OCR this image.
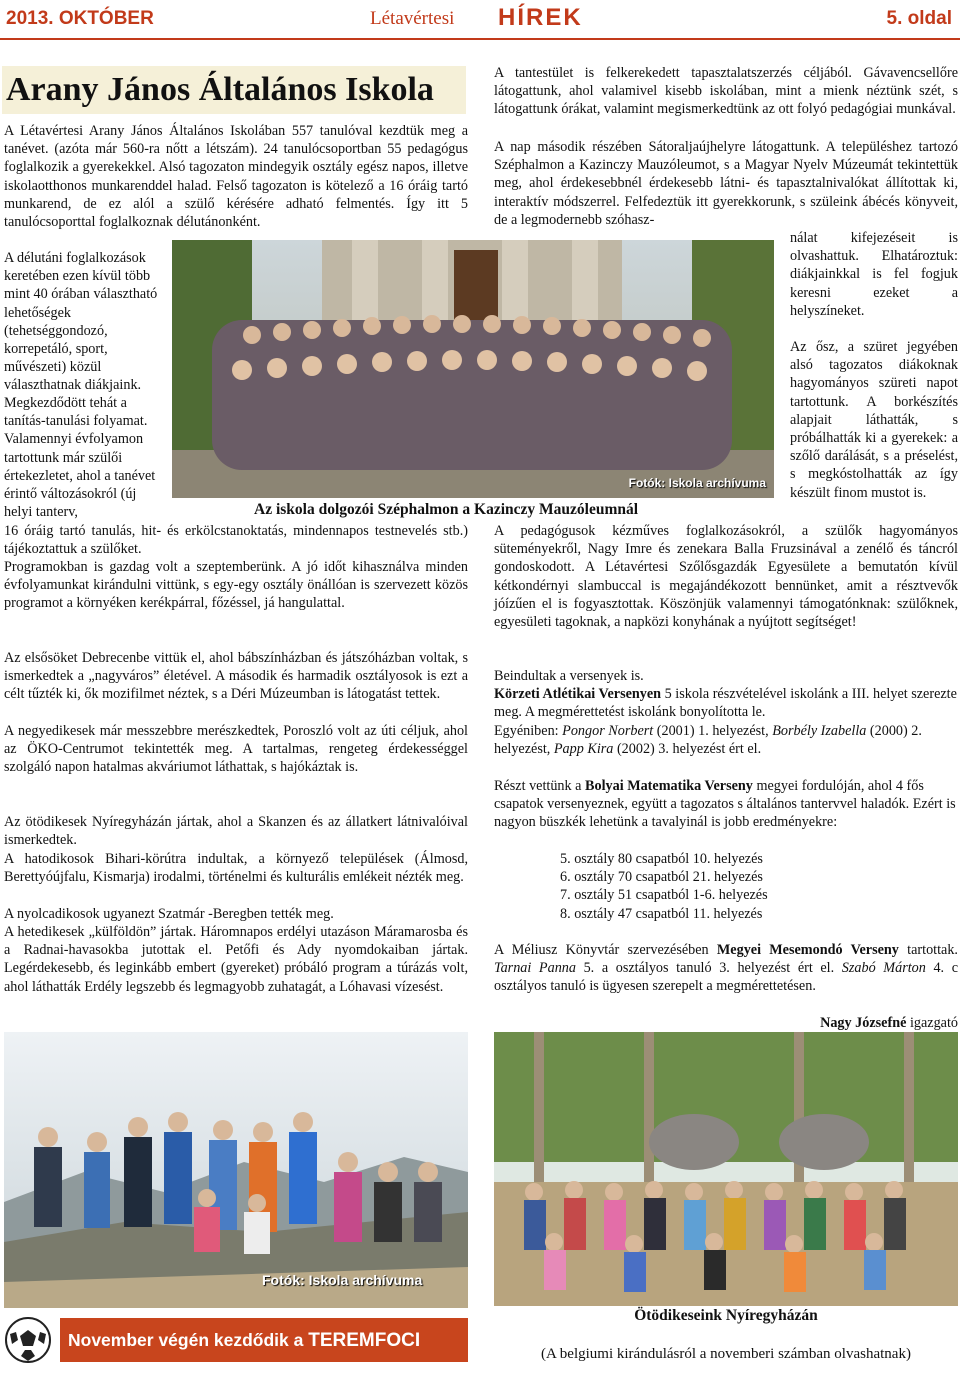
2013. OKTÓBER	Létavértesi HÍREK	5. oldal
Arany János Általános Iskola
A Létavértesi Arany János Általános Iskolában 557 tanulóval kezdtük meg a tanévet. (azóta már 560-ra nőtt a létszám). 24 tanulócsoportban 55 pedagógus foglalkozik a gyerekekkel. Alsó tagozaton mindegyik osztály egész napos, illetve iskolaotthonos munkarenddel halad. Felső tagozaton is kötelező a 16 óráig tartó munkarend, de ez alól a szülő kérésére adható felmentés. Így itt 5 tanulócsoporttal foglalkoznak délutánonként.
A délutáni foglalkozások keretében ezen kívül több mint 40 órában választható lehetőségek (tehetséggondozó, korrepetáló, sport, művészeti) közül választhatnak diákjaink.
Megkezdődött tehát a tanítás-tanulási folyamat. Valamennyi évfolyamon tartottunk már szülői értekezletet, ahol a tanévet érintő változásokról (új helyi tanterv,
16 óráig tartó tanulás, hit- és erkölcstanoktatás, mindennapos testnevelés stb.) tájékoztattuk a szülőket.
Programokban is gazdag volt a szeptemberünk. A jó időt kihasználva minden évfolyamunkat kirándulni vittünk, s egy-egy osztály önállóan is szervezett közös programot a környéken kerékpárral, főzéssel, já hangulattal.
Az elsősöket Debrecenbe vittük el, ahol bábszínházban és játszóházban voltak, s ismerkedtek a „nagyváros” életével. A második és harmadik osztályosok is ezt a célt tűzték ki, ők mozifilmet néztek, s a Déri Múzeumban is látogatást tettek.
A negyedikesek már messzebbre merészkedtek, Poroszló volt az úti céljuk, ahol az ÖKO-Centrumot tekintették meg. A tartalmas, rengeteg érdekességgel szolgáló napon hatalmas akváriumot láthattak, s hajókáztak is.
Az ötödikesek Nyíregyházán jártak, ahol a Skanzen és az állatkert látnivalóival ismerkedtek.
A hatodikosok Bihari-körútra indultak, a környező települések (Álmosd, Berettyóújfalu, Kismarja) irodalmi, történelmi és kulturális emlékeit nézték meg.
A nyolcadikosok ugyanezt Szatmár -Beregben tették meg.
A hetedikesek „külföldön” jártak. Háromnapos erdélyi utazáson Máramarosba és a Radnai-havasokba jutottak el. Petőfi és Ady nyomdokaiban jártak. Legérdekesebb, és leginkább embert (gyereket) próbáló program a túrázás volt, ahol láthatták Erdély legszebb és legmagyobb zuhatagát, a Lóhavasi vízesést.
Fotók: Iskola archívuma
Az iskola dolgozói Széphalmon a Kazinczy Mauzóleumnál
A tantestület is felkerekedett tapasztalatszerzés céljából. Gávavencsellőre látogattunk, ahol valamivel kisebb iskolában, mint a mienk néztünk szét, s látogattunk órákat, valamint megismerkedtünk az ott folyó pedagógiai munkával.
A nap második részében Sátoraljaújhelyre látogattunk. A településhez tartozó Széphalmon a Kazinczy Mauzóleumot, s a Magyar Nyelv Múzeumát tekintettük meg, ahol érdekesebbnél érdekesebb látni- és tapasztalnivalókat állítottak ki, interaktív módszerrel. Felfedeztük itt gyerekkorunk, s szüleink ábécés könyveit, de a legmodernebb szóhasz-
nálat kifejezéseit is olvashattuk. Elhatároztuk: diákjainkkal is fel fogjuk keresni ezeket a helyszíneket.
Az ősz, a szüret jegyében alsó tagozatos diákoknak hagyományos szüreti napot tartottunk. A borkészítés alapjait láthatták, s próbálhatták ki a gyerekek: a szőlő darálását, s a préselést, s megkóstolhatták az így készült finom mustot is.
A pedagógusok kézműves foglalkozásokról, a szülők hagyományos süteményekről, Nagy Imre és zenekara Balla Fruzsinával a zenélő és táncról gondoskodott. A Létavértesi Szőlősgazdák Egyesülete a bemutatón kívül kétkondérnyi slambuccal is megajándékozott bennünket, amit a résztvevők jóízűen el is fogyasztottak. Köszönjük valamennyi támogatónknak: szülőknek, egyesületi tagoknak, a napközi konyhának a nyújtott segítséget!
Beindultak a versenyek is.
Körzeti Atlétikai Versenyen 5 iskola részvételével iskolánk a III. helyet szerezte meg. A megmérettetést iskolánk bonyolította le.
Egyéniben: Pongor Norbert (2001) 1. helyezést, Borbély Izabella (2000) 2. helyezést, Papp Kira (2002) 3. helyezést ért el.
Részt vettünk a Bolyai Matematika Verseny megyei fordulóján, ahol 4 fős csapatok versenyeznek, együtt a tagozatos s általános tantervvel haladók. Ezért is nagyon büszkék lehetünk a tavalyinál is jobb eredményekre:
5. osztály 80 csapatból 10. helyezés
6. osztály 70 csapatból 21. helyezés
7. osztály 51 csapatból 1-6. helyezés
8. osztály 47 csapatból 11. helyezés
A Méliusz Könyvtár szervezésében Megyei Mesemondó Verseny tartottak. Tarnai Panna 5. a osztályos tanuló 3. helyezést ért el. Szabó Márton 4. c osztályos tanuló is ügyesen szerepelt a megmérettetésen.
Nagy Józsefné igazgató
Fotók: Iskola archívuma
Ötödikeseink Nyíregyházán
(A belgiumi kirándulásról a novemberi számban olvashatnak)
November végén kezdődik a TEREMFOCI
